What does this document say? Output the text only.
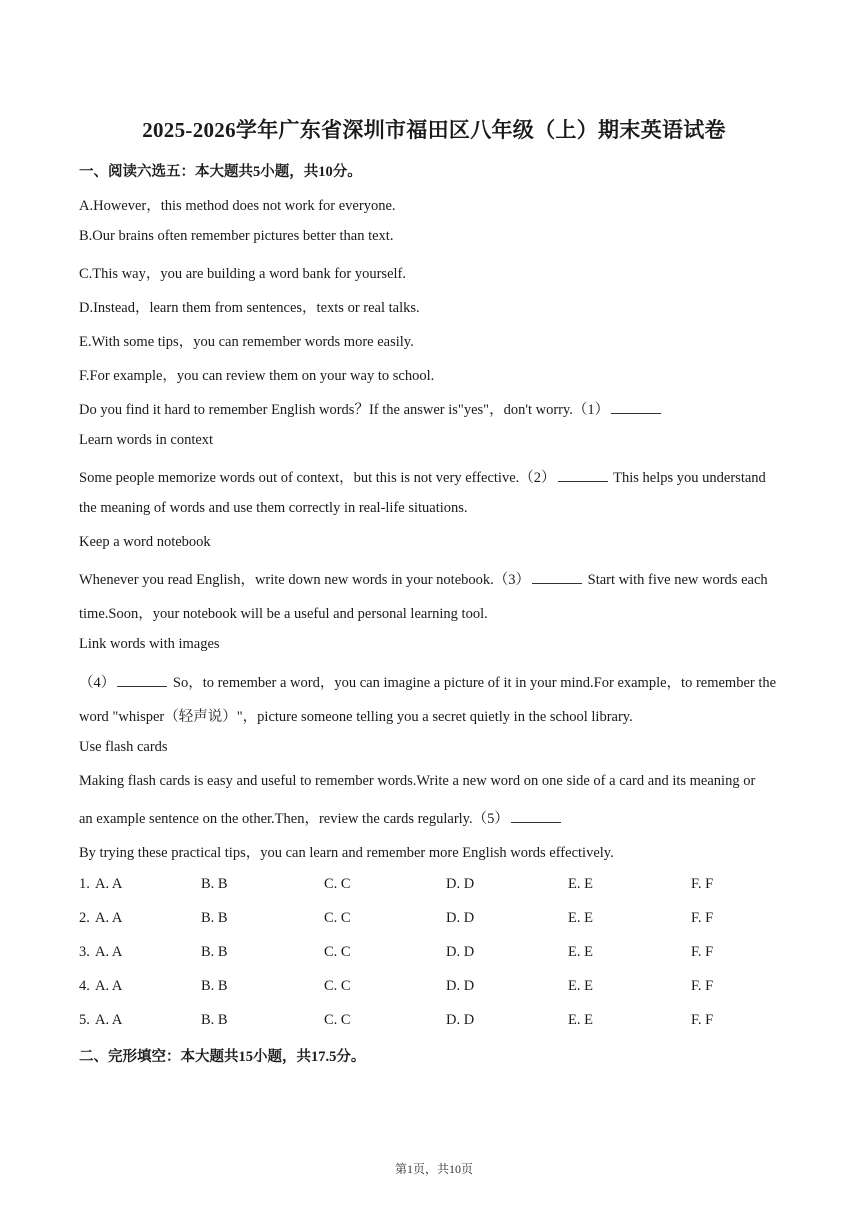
2025-2026学年广东省深圳市福田区八年级（上）期末英语试卷

一、阅读六选五：本大题共5小题，共10分。

A.However，this method does not work for everyone.

B.Our brains often remember pictures better than text.

C.This way，you are building a word bank for yourself.

D.Instead，learn them from sentences，texts or real talks.

E.With some tips，you can remember words more easily.

F.For example，you can review them on your way to school.

Do you find it hard to remember English words？If the answer is"yes"，don't worry.（1）

Learn words in context

Some people memorize words out of context，but this is not very effective.（2）	This helps you understand

the meaning of words and use them correctly in real-life situations.

Keep a word notebook

Whenever you read English，write down new words in your notebook.（3）	Start with five new words each

time.Soon，your notebook will be a useful and personal learning tool.

Link words with images

（4）	So，to remember a word，you can imagine a picture of it in your mind.For example，to remember the

word "whisper（轻声说）"，picture someone telling you a secret quietly in the school library.

Use flash cards

Making flash cards is easy and useful to remember words.Write a new word on one side of a card and its meaning or

an example sentence on the other.Then，review the cards regularly.（5）

By trying these practical tips，you can learn and remember more English words effectively.

1. A. A	B. B	C. C	D. D	E. E	F. F
2. A. A	B. B	C. C	D. D	E. E	F. F
3. A. A	B. B	C. C	D. D	E. E	F. F
4. A. A	B. B	C. C	D. D	E. E	F. F
5. A. A	B. B	C. C	D. D	E. E	F. F

二、完形填空：本大题共15小题，共17.5分。

第1页，共10页
